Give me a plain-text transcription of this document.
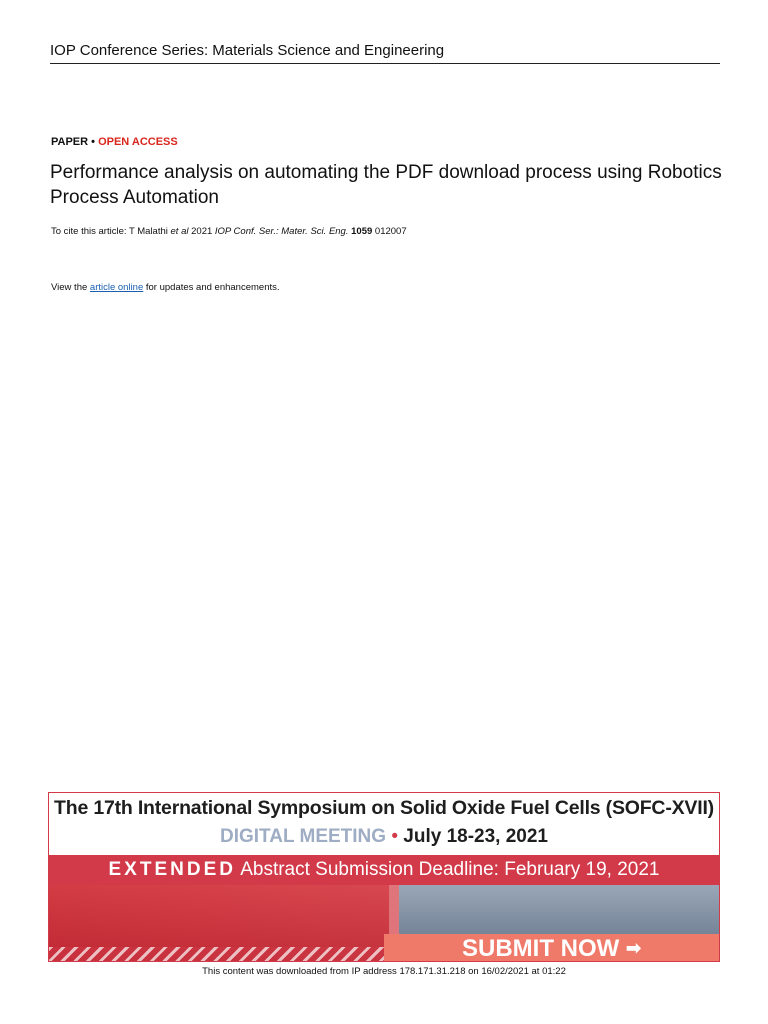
IOP Conference Series: Materials Science and Engineering
PAPER • OPEN ACCESS
Performance analysis on automating the PDF download process using Robotics Process Automation
To cite this article: T Malathi et al 2021 IOP Conf. Ser.: Mater. Sci. Eng. 1059 012007
View the article online for updates and enhancements.
The 17th International Symposium on Solid Oxide Fuel Cells (SOFC-XVII)
DIGITAL MEETING • July 18-23, 2021
EXTENDED Abstract Submission Deadline: February 19, 2021
SUBMIT NOW ➡
This content was downloaded from IP address 178.171.31.218 on 16/02/2021 at 01:22
